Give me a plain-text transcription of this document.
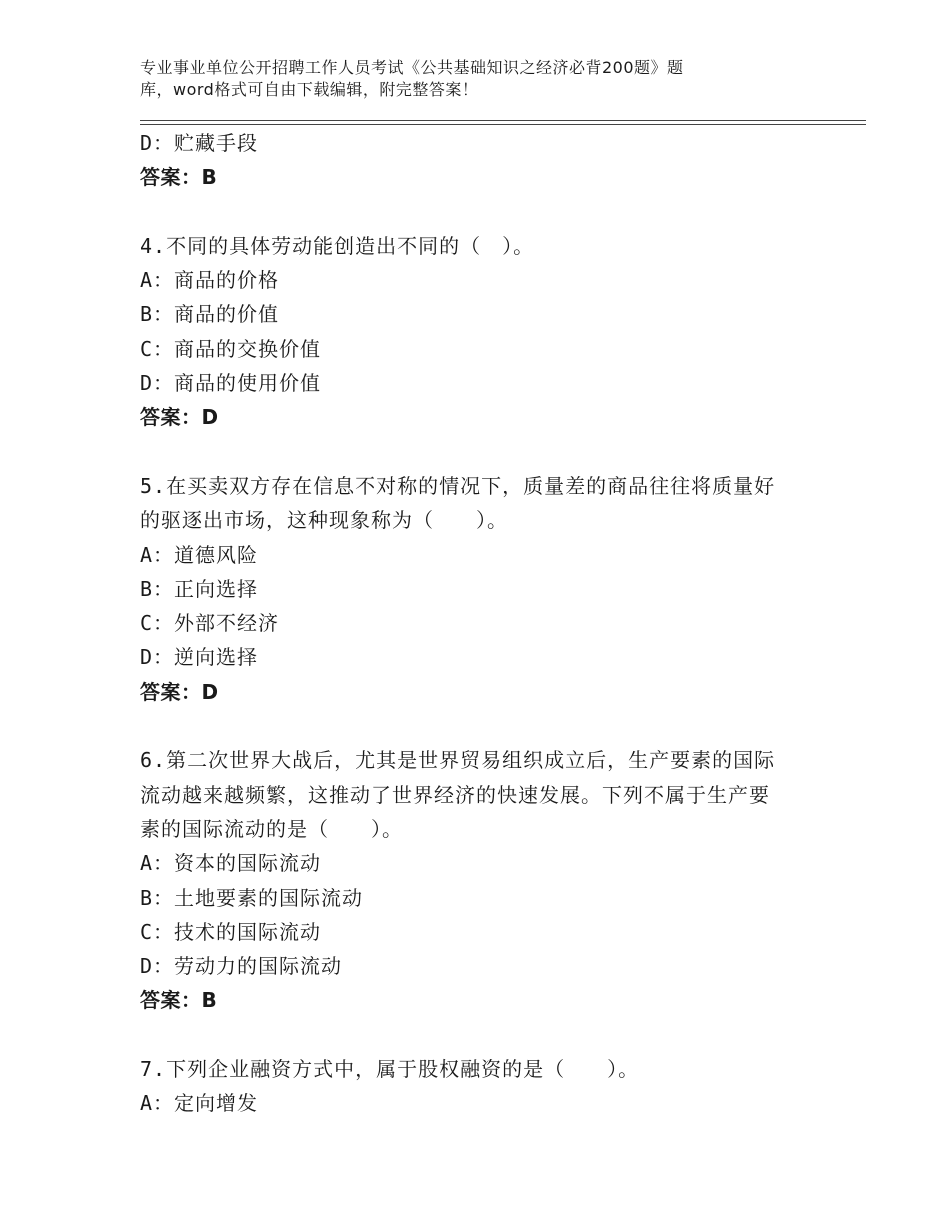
专业事业单位公开招聘工作人员考试《公共基础知识之经济必背200题》题
库，word格式可自由下载编辑，附完整答案！
D：贮藏手段
答案：B
4.不同的具体劳动能创造出不同的（　）。
A：商品的价格
B：商品的价值
C：商品的交换价值
D：商品的使用价值
答案：D
5.在买卖双方存在信息不对称的情况下，质量差的商品往往将质量好
的驱逐出市场，这种现象称为（　　）。
A：道德风险
B：正向选择
C：外部不经济
D：逆向选择
答案：D
6.第二次世界大战后，尤其是世界贸易组织成立后，生产要素的国际
流动越来越频繁，这推动了世界经济的快速发展。下列不属于生产要
素的国际流动的是（　　）。
A：资本的国际流动
B：土地要素的国际流动
C：技术的国际流动
D：劳动力的国际流动
答案：B
7.下列企业融资方式中，属于股权融资的是（　　）。
A：定向增发
